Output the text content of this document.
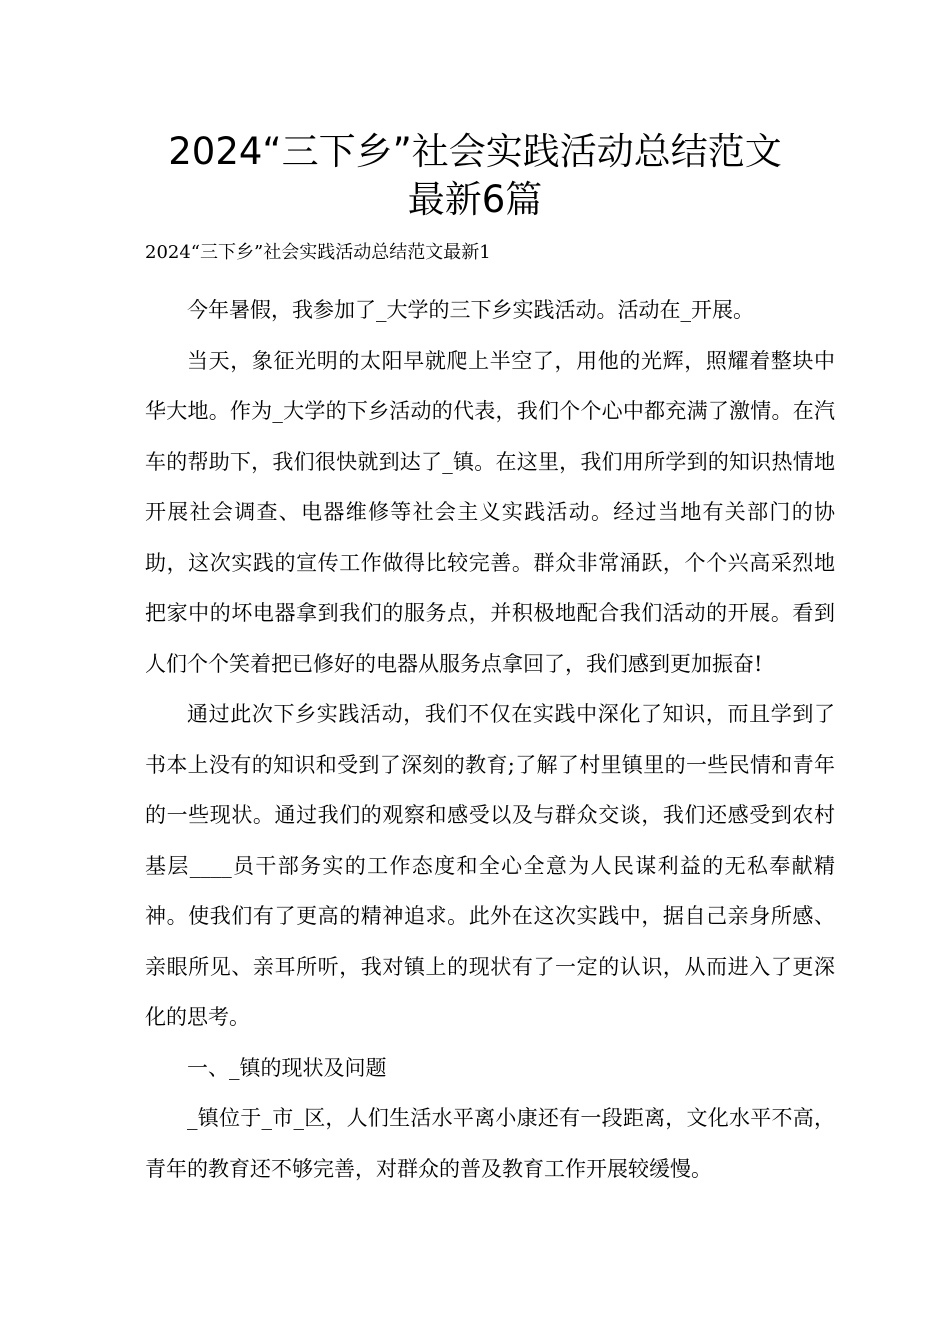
2024“三下乡”社会实践活动总结范文
最新6篇
2024“三下乡”社会实践活动总结范文最新1

今年暑假，我参加了_大学的三下乡实践活动。活动在_开展。

当天，象征光明的太阳早就爬上半空了，用他的光辉，照耀着整块中华大地。作为_大学的下乡活动的代表，我们个个心中都充满了激情。在汽车的帮助下，我们很快就到达了_镇。在这里，我们用所学到的知识热情地开展社会调查、电器维修等社会主义实践活动。经过当地有关部门的协助，这次实践的宣传工作做得比较完善。群众非常涌跃，个个兴高采烈地把家中的坏电器拿到我们的服务点，并积极地配合我们活动的开展。看到人们个个笑着把已修好的电器从服务点拿回了，我们感到更加振奋!

通过此次下乡实践活动，我们不仅在实践中深化了知识，而且学到了书本上没有的知识和受到了深刻的教育;了解了村里镇里的一些民情和青年的一些现状。通过我们的观察和感受以及与群众交谈，我们还感受到农村基层____员干部务实的工作态度和全心全意为人民谋利益的无私奉献精神。使我们有了更高的精神追求。此外在这次实践中，据自己亲身所感、亲眼所见、亲耳所听，我对镇上的现状有了一定的认识，从而进入了更深化的思考。

一、_镇的现状及问题

_镇位于_市_区，人们生活水平离小康还有一段距离，文化水平不高，青年的教育还不够完善，对群众的普及教育工作开展较缓慢。
